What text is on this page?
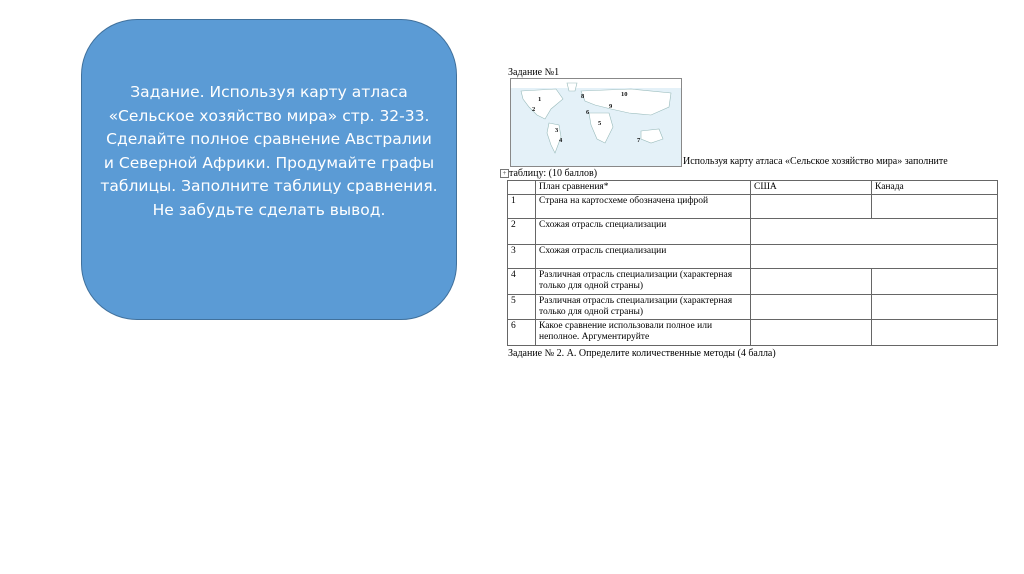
Задание. Используя карту атласа
«Сельское хозяйство мира» стр. 32-33.
Сделайте полное сравнение Австралии
и Северной Африки. Продумайте графы
таблицы. Заполните таблицу сравнения.
Не забудьте сделать вывод.
Задание №1
1
2
3
4
5
6
7
8
9
10
Используя карту атласа «Сельское хозяйство мира» заполните
+ таблицу: (10 баллов)
	План сравнения*	США	Канада
1	Страна на картосхеме обозначена цифрой		
2	Схожая отрасль специализации		
3	Схожая отрасль специализации		
4	Различная отрасль специализации (характерная только для одной страны)		
5	Различная отрасль специализации (характерная только для одной страны)		
6	Какое сравнение использовали полное или неполное. Аргументируйте		
Задание № 2. А. Определите количественные методы (4 балла)
